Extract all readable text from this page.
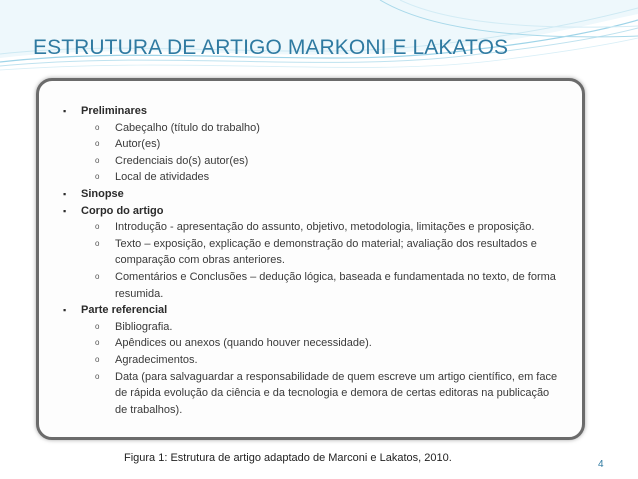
ESTRUTURA DE ARTIGO MARKONI E LAKATOS
▪	Preliminares
o	Cabeçalho (título do trabalho)
o	Autor(es)
o	Credenciais do(s) autor(es)
o	Local de atividades
▪	Sinopse
▪	Corpo do artigo
o	Introdução - apresentação do assunto, objetivo, metodologia, limitações e proposição.
o	Texto – exposição, explicação e demonstração do material; avaliação dos resultados e
comparação com obras anteriores.
o	Comentários e Conclusões – dedução lógica, baseada e fundamentada no texto, de forma
resumida.
▪	Parte referencial
o	Bibliografia.
o	Apêndices ou anexos (quando houver necessidade).
o	Agradecimentos.
o	Data (para salvaguardar a responsabilidade de quem escreve um artigo científico, em face
de rápida evolução da ciência e da tecnologia e demora de certas editoras na publicação
de trabalhos).

Figura 1: Estrutura de artigo adaptado de Marconi e Lakatos, 2010.

4
